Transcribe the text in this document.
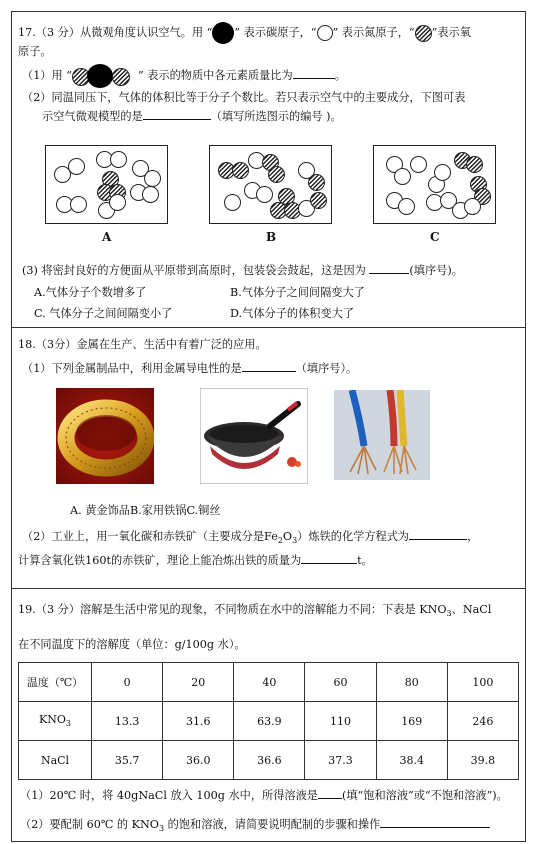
17.（3 分）从微观角度认识空气。用 “ ” 表示碳原子，“ ” 表示氮原子，“ ”表示氧
原子。
（1）用 “	” 表示的物质中各元素质量比为	。
（2）同温同压下，气体的体积比等于分子个数比。若只表示空气中的主要成分，下图可表
示空气微观模型的是	（填写所选图示的编号 )。
A	B	C
(3) 将密封良好的方便面从平原带到高原时，包装袋会鼓起，这是因为	(填序号)。
A.气体分子个数增多了	B.气体分子之间间隔变大了
C. 气体分子之间间隔变小了	D.气体分子的体积变大了
18.（3分）金属在生产、生活中有着广泛的应用。
（1）下列金属制品中，利用金属导电性的是	（填序号）。
A. 黄金饰品B.家用铁锅C.铜丝
（2）工业上，用一氧化碳和赤铁矿（主要成分是$Fe_2O_3$）炼铁的化学方程式为	，
计算含氧化铁160t的赤铁矿，理论上能冶炼出铁的质量为	t。
19.（3 分）溶解是生活中常见的现象，不同物质在水中的溶解能力不同：下表是 $KNO_3$、NaCl
在不同温度下的溶解度（单位：g/100g 水）。
温度（℃）	0	20	40	60	80	100
$KNO_3$	13.3	31.6	63.9	110	169	246
NaCl	35.7	36.0	36.6	37.3	38.4	39.8
（1）20℃ 时，将 40gNaCl 放入 100g 水中，所得溶液是 (填“饱和溶液”或“不饱和溶液”)。
（2）要配制 60℃ 的 $KNO_3$ 的饱和溶液，请简要说明配制的步骤和操作
